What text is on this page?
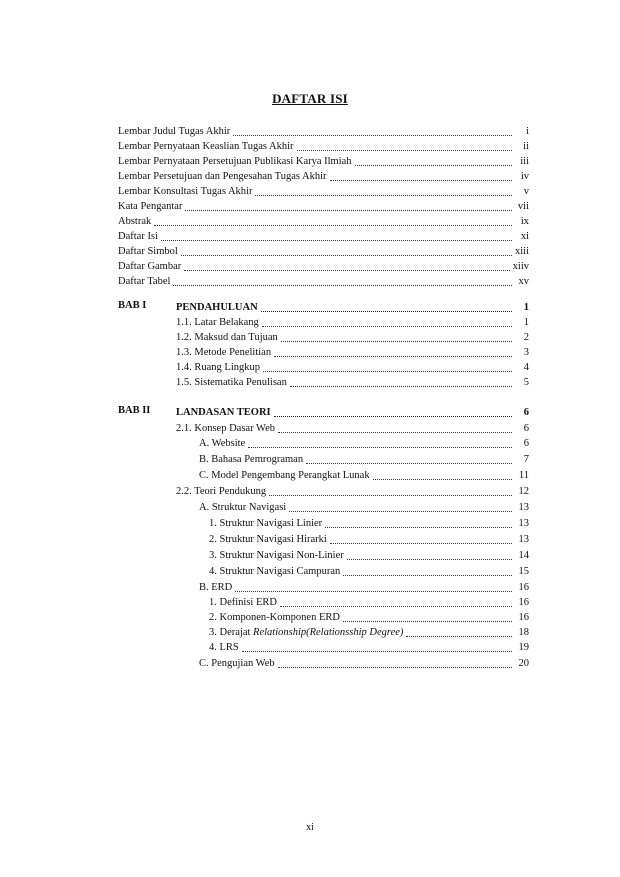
DAFTAR ISI
Lembar Judul Tugas Akhir	i
Lembar Pernyataan Keaslian Tugas Akhir	ii
Lembar Pernyataan Persetujuan Publikasi Karya Ilmiah	iii
Lembar Persetujuan dan Pengesahan Tugas Akhir	iv
Lembar Konsultasi Tugas Akhir	v
Kata Pengantar	vii
Abstrak	ix
Daftar Isi	xi
Daftar Simbol	xiii
Daftar Gambar	xiiv
Daftar Tabel	xv
BAB I	PENDAHULUAN	1
1.1. Latar Belakang	1
1.2. Maksud dan Tujuan	2
1.3. Metode Penelitian	3
1.4. Ruang Lingkup	4
1.5. Sistematika Penulisan	5
BAB II LANDASAN TEORI	6
2.1. Konsep Dasar Web	6
A. Website	6
B. Bahasa Pemrograman	7
C. Model Pengembang Perangkat Lunak	11
2.2. Teori Pendukung	12
A. Struktur Navigasi	13
1. Struktur Navigasi Linier	13
2. Struktur Navigasi Hirarki	13
3. Struktur Navigasi Non-Linier	14
4. Struktur Navigasi Campuran	15
B. ERD	16
1. Definisi ERD	16
2. Komponen-Komponen ERD	16
3. Derajat Relationship(Relationsship Degree)	18
4. LRS	19
C. Pengujian Web	20
xi
